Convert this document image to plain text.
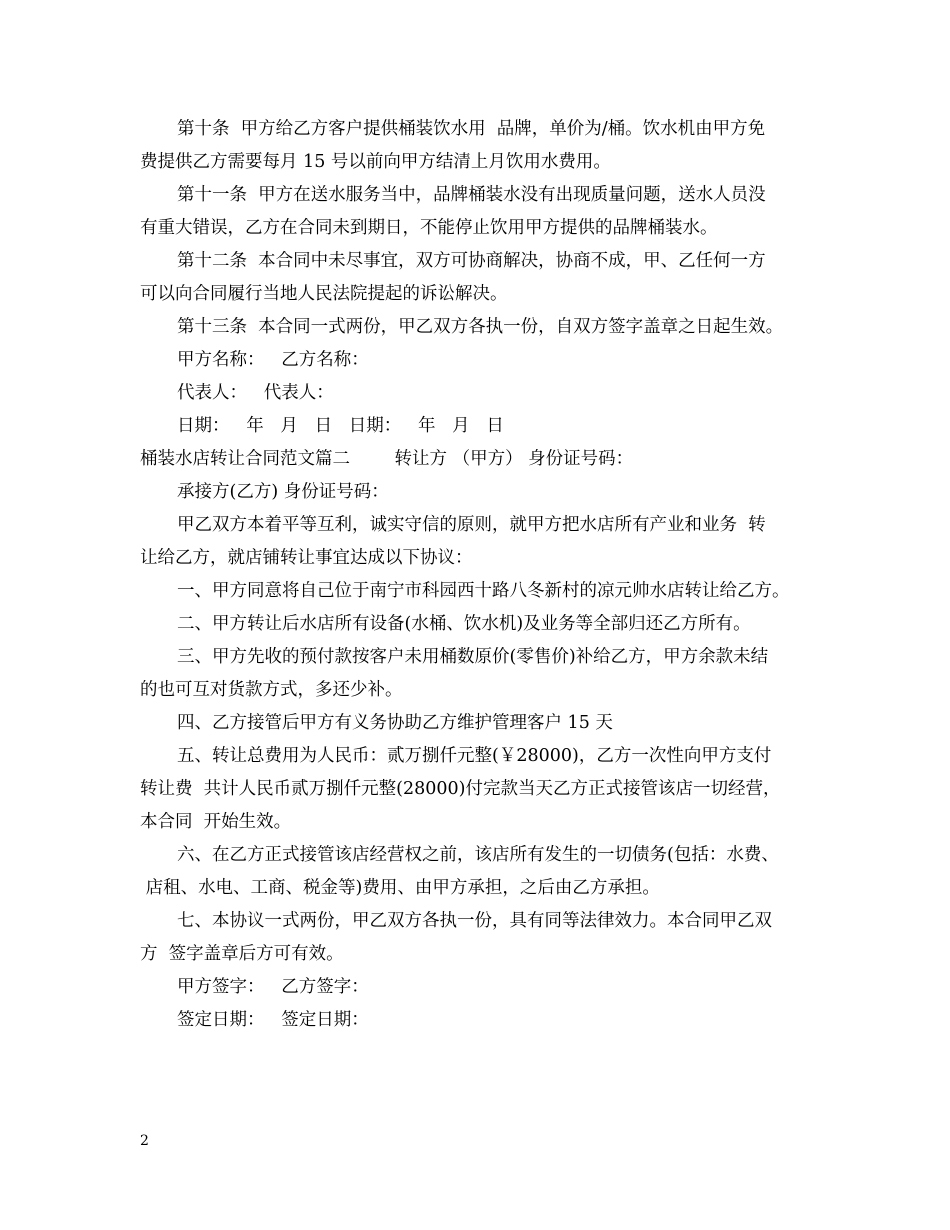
第十条  甲方给乙方客户提供桶装饮水用  品牌，单价为/桶。饮水机由甲方免
费提供乙方需要每月 15 号以前向甲方结清上月饮用水费用。
第十一条  甲方在送水服务当中，品牌桶装水没有出现质量问题，送水人员没
有重大错误，乙方在合同未到期日，不能停止饮用甲方提供的品牌桶装水。
第十二条  本合同中未尽事宜，双方可协商解决，协商不成，甲、乙任何一方
可以向合同履行当地人民法院提起的诉讼解决。
第十三条  本合同一式两份，甲乙双方各执一份，自双方签字盖章之日起生效。
甲方名称：   乙方名称：
代表人：   代表人：
日期：   年   月   日   日期：   年   月   日
桶装水店转让合同范文篇二        转让方 （甲方） 身份证号码：
承接方(乙方) 身份证号码：
甲乙双方本着平等互利，诚实守信的原则，就甲方把水店所有产业和业务  转
让给乙方，就店铺转让事宜达成以下协议：
一、甲方同意将自己位于南宁市科园西十路八冬新村的凉元帅水店转让给乙方。
二、甲方转让后水店所有设备(水桶、饮水机)及业务等全部归还乙方所有。
三、甲方先收的预付款按客户未用桶数原价(零售价)补给乙方，甲方余款未结
的也可互对货款方式，多还少补。
四、乙方接管后甲方有义务协助乙方维护管理客户 15 天
五、转让总费用为人民币：贰万捌仟元整(￥28000)，乙方一次性向甲方支付
转让费  共计人民币贰万捌仟元整(28000)付完款当天乙方正式接管该店一切经营，
本合同  开始生效。
六、在乙方正式接管该店经营权之前，该店所有发生的一切债务(包括：水费、
店租、水电、工商、税金等)费用、由甲方承担，之后由乙方承担。
七、本协议一式两份，甲乙双方各执一份，具有同等法律效力。本合同甲乙双
方  签字盖章后方可有效。
甲方签字：   乙方签字：
签定日期：   签定日期：
2
